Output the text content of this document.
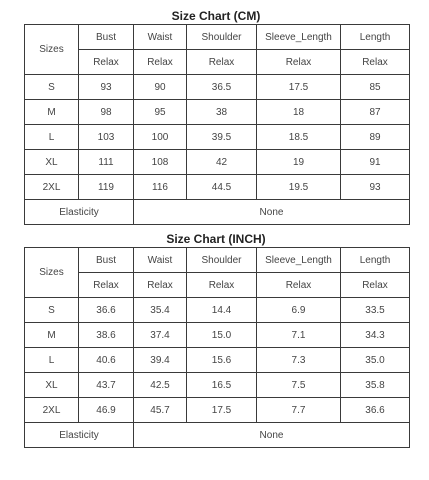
Size Chart (CM)
Sizes	Bust	Waist	Shoulder	Sleeve_Length	Length
	Relax	Relax	Relax	Relax	Relax
S	93	90	36.5	17.5	85
M	98	95	38	18	87
L	103	100	39.5	18.5	89
XL	111	108	42	19	91
2XL	119	116	44.5	19.5	93
Elasticity		None			
Size Chart (INCH)
Sizes	Bust	Waist	Shoulder	Sleeve_Length	Length
	Relax	Relax	Relax	Relax	Relax
S	36.6	35.4	14.4	6.9	33.5
M	38.6	37.4	15.0	7.1	34.3
L	40.6	39.4	15.6	7.3	35.0
XL	43.7	42.5	16.5	7.5	35.8
2XL	46.9	45.7	17.5	7.7	36.6
Elasticity		None			
